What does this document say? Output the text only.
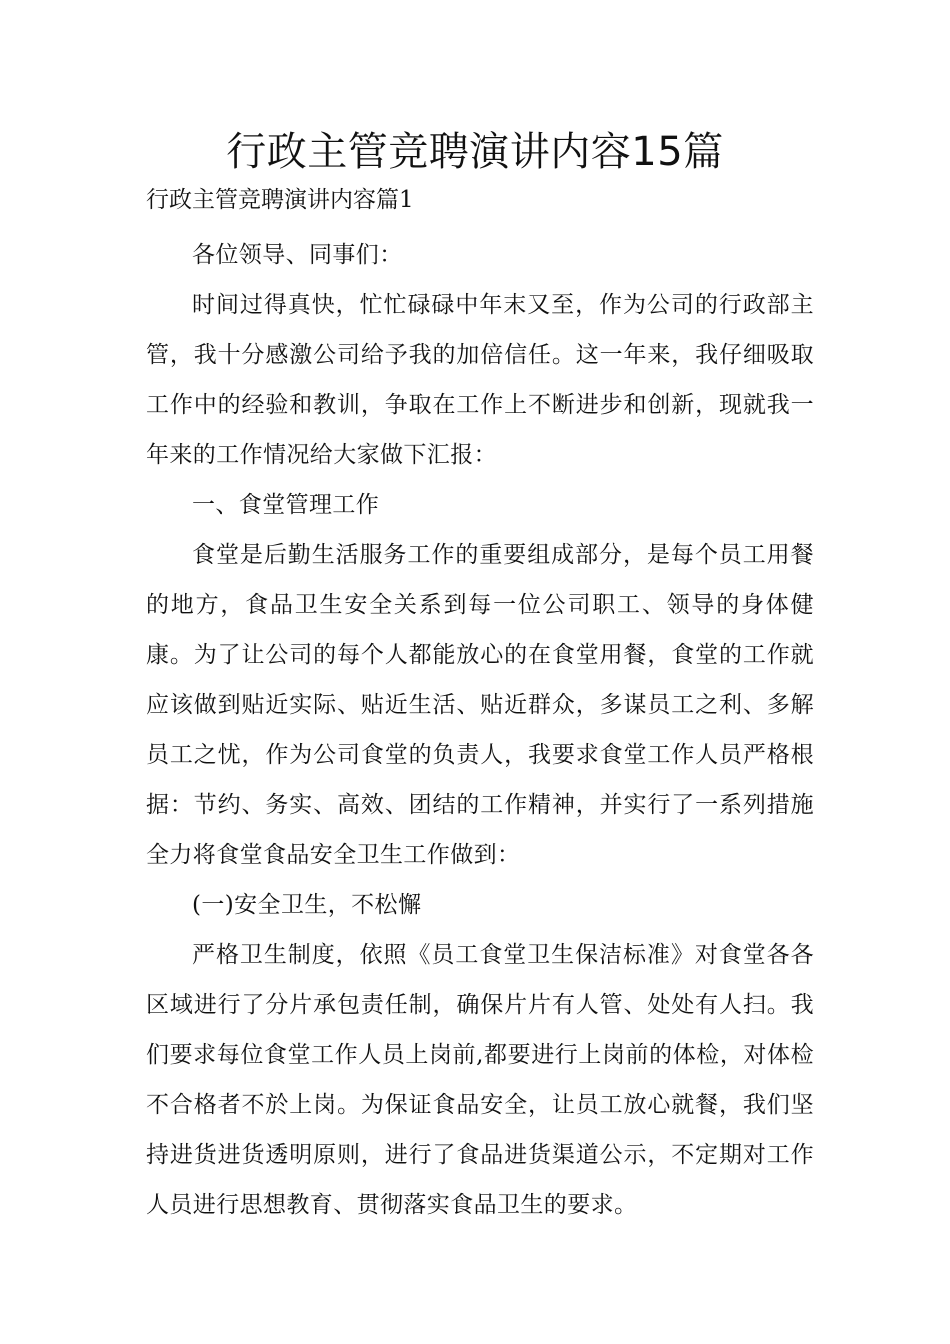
行政主管竞聘演讲内容15篇

行政主管竞聘演讲内容篇1

各位领导、同事们：

时间过得真快，忙忙碌碌中年末又至，作为公司的行政部主管，我十分感激公司给予我的加倍信任。这一年来，我仔细吸取工作中的经验和教训，争取在工作上不断进步和创新，现就我一年来的工作情况给大家做下汇报：

一、食堂管理工作

食堂是后勤生活服务工作的重要组成部分，是每个员工用餐的地方，食品卫生安全关系到每一位公司职工、领导的身体健康。为了让公司的每个人都能放心的在食堂用餐，食堂的工作就应该做到贴近实际、贴近生活、贴近群众，多谋员工之利、多解员工之忧，作为公司食堂的负责人，我要求食堂工作人员严格根据：节约、务实、高效、团结的工作精神，并实行了一系列措施全力将食堂食品安全卫生工作做到：

(一)安全卫生，不松懈

严格卫生制度，依照《员工食堂卫生保洁标准》对食堂各各区域进行了分片承包责任制，确保片片有人管、处处有人扫。我们要求每位食堂工作人员上岗前,都要进行上岗前的体检，对体检不合格者不於上岗。为保证食品安全，让员工放心就餐，我们坚持进货进货透明原则，进行了食品进货渠道公示，不定期对工作人员进行思想教育、贯彻落实食品卫生的要求。
